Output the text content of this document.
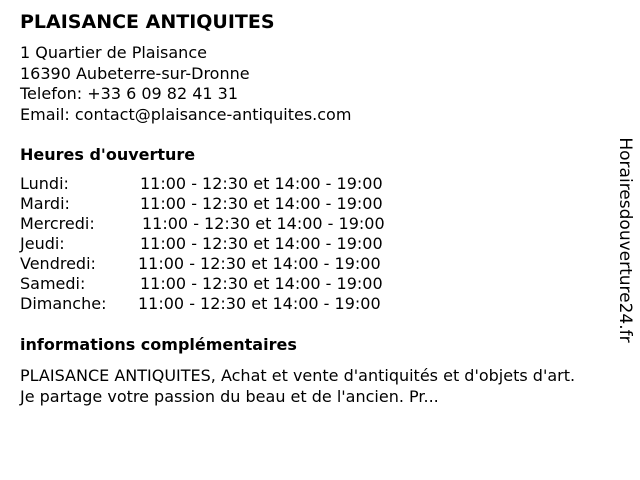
PLAISANCE ANTIQUITES
1 Quartier de Plaisance
16390 Aubeterre-sur-Dronne
Telefon: +33 6 09 82 41 31
Email: contact@plaisance-antiquites.com
Heures d'ouverture
Lundi:	11:00 - 12:30 et 14:00 - 19:00
Mardi:	11:00 - 12:30 et 14:00 - 19:00
Mercredi:	11:00 - 12:30 et 14:00 - 19:00
Jeudi:	11:00 - 12:30 et 14:00 - 19:00
Vendredi:	11:00 - 12:30 et 14:00 - 19:00
Samedi:	11:00 - 12:30 et 14:00 - 19:00
Dimanche:	11:00 - 12:30 et 14:00 - 19:00
informations complémentaires
PLAISANCE ANTIQUITES, Achat et vente d'antiquités et d'objets d'art. Je partage votre passion du beau et de l'ancien. Pr...
Horairesdouverture24.fr
